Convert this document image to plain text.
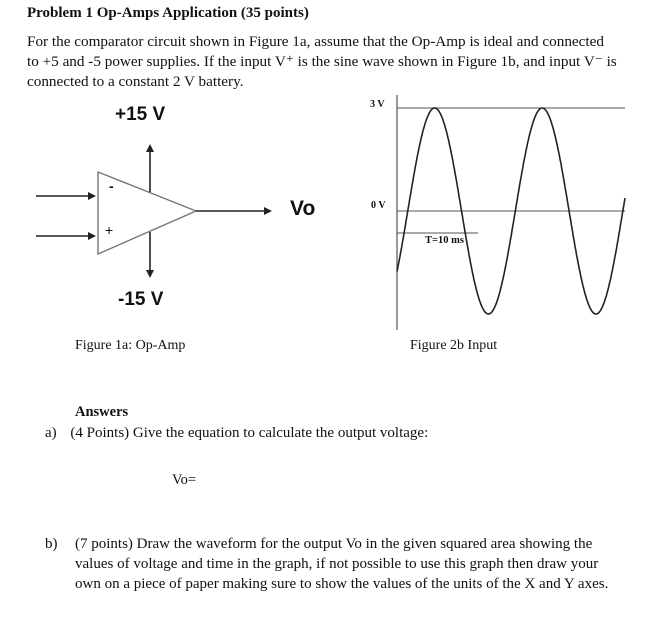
Problem 1 Op-Amps Application (35 points)
For the comparator circuit shown in Figure 1a, assume that the Op-Amp is ideal and connected
to +5 and -5 power supplies. If the input V⁺ is the sine wave shown in Figure 1b, and input V⁻ is
connected to a constant 2 V battery.
-
+
+15 V
-15 V
Vo
Figure 1a: Op-Amp
3 V
0 V
T=10 ms
Figure 2b Input
Answers
a) (4 Points) Give the equation to calculate the output voltage:
Vo=
b) (7 points) Draw the waveform for the output Vo in the given squared area showing the
values of voltage and time in the graph, if not possible to use this graph then draw your
own on a piece of paper making sure to show the values of the units of the X and Y axes.
